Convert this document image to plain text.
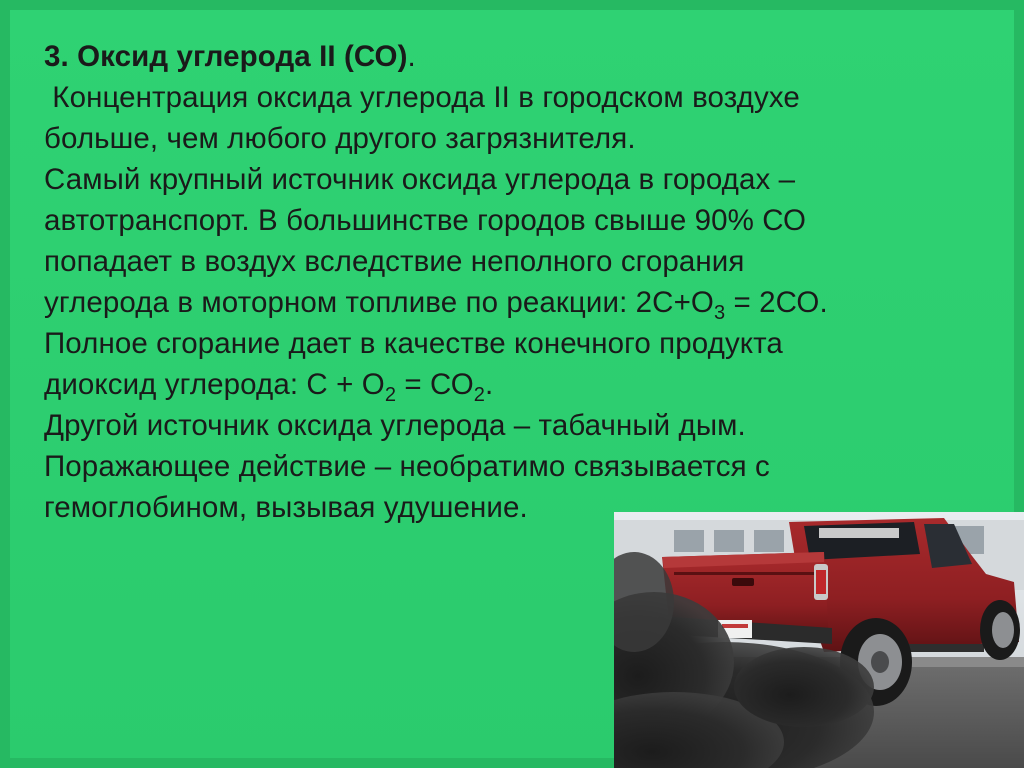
3. Оксид углерода II (СО).
Концентрация оксида углерода II в городском воздухе
больше, чем любого другого загрязнителя.
Самый крупный источник оксида углерода в городах –
автотранспорт. В большинстве городов свыше 90% СО
попадает в воздух вследствие неполного сгорания
углерода в моторном топливе по реакции: $2С+О_3 = 2СО$.
Полное сгорание дает в качестве конечного продукта
диоксид углерода: $С + О_2 = СО_2$.
Другой источник оксида углерода – табачный дым.
Поражающее действие – необратимо связывается с
гемоглобином, вызывая удушение.
